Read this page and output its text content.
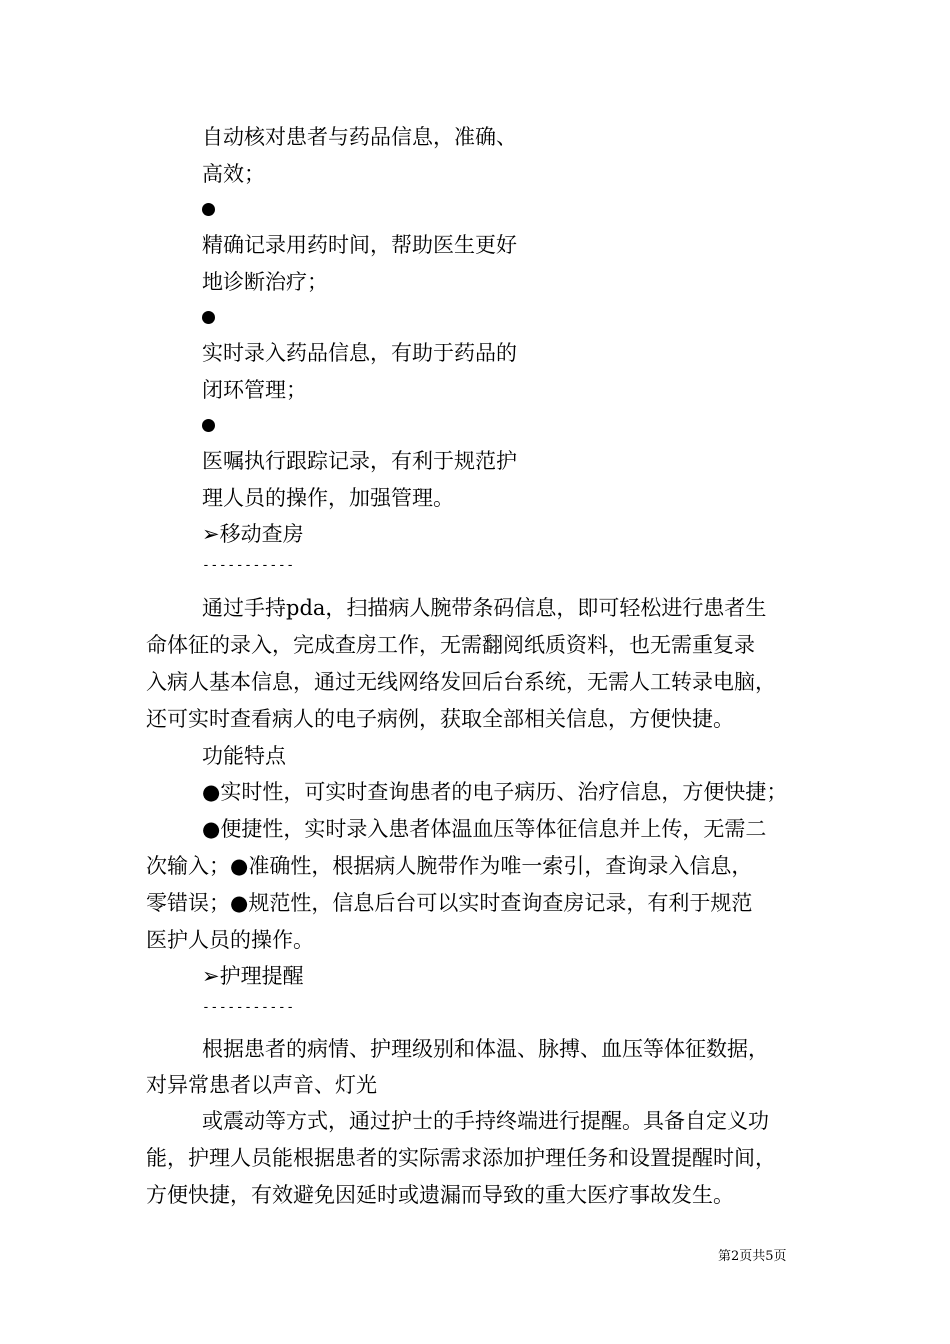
自动核对患者与药品信息，准确、
高效；
精确记录用药时间，帮助医生更好
地诊断治疗；
实时录入药品信息，有助于药品的
闭环管理；
医嘱执行跟踪记录，有利于规范护
理人员的操作，加强管理。
➢移动查房
-----------
通过手持pda，扫描病人腕带条码信息，即可轻松进行患者生
命体征的录入，完成查房工作，无需翻阅纸质资料，也无需重复录
入病人基本信息，通过无线网络发回后台系统，无需人工转录电脑，
还可实时查看病人的电子病例，获取全部相关信息，方便快捷。
功能特点
●实时性，可实时查询患者的电子病历、治疗信息，方便快捷；
●便捷性，实时录入患者体温血压等体征信息并上传，无需二
次输入；●准确性，根据病人腕带作为唯一索引，查询录入信息，
零错误；●规范性，信息后台可以实时查询查房记录，有利于规范
医护人员的操作。
➢护理提醒
-----------
根据患者的病情、护理级别和体温、脉搏、血压等体征数据，
对异常患者以声音、灯光
或震动等方式，通过护士的手持终端进行提醒。具备自定义功
能，护理人员能根据患者的实际需求添加护理任务和设置提醒时间，
方便快捷，有效避免因延时或遗漏而导致的重大医疗事故发生。
第2页共5页
